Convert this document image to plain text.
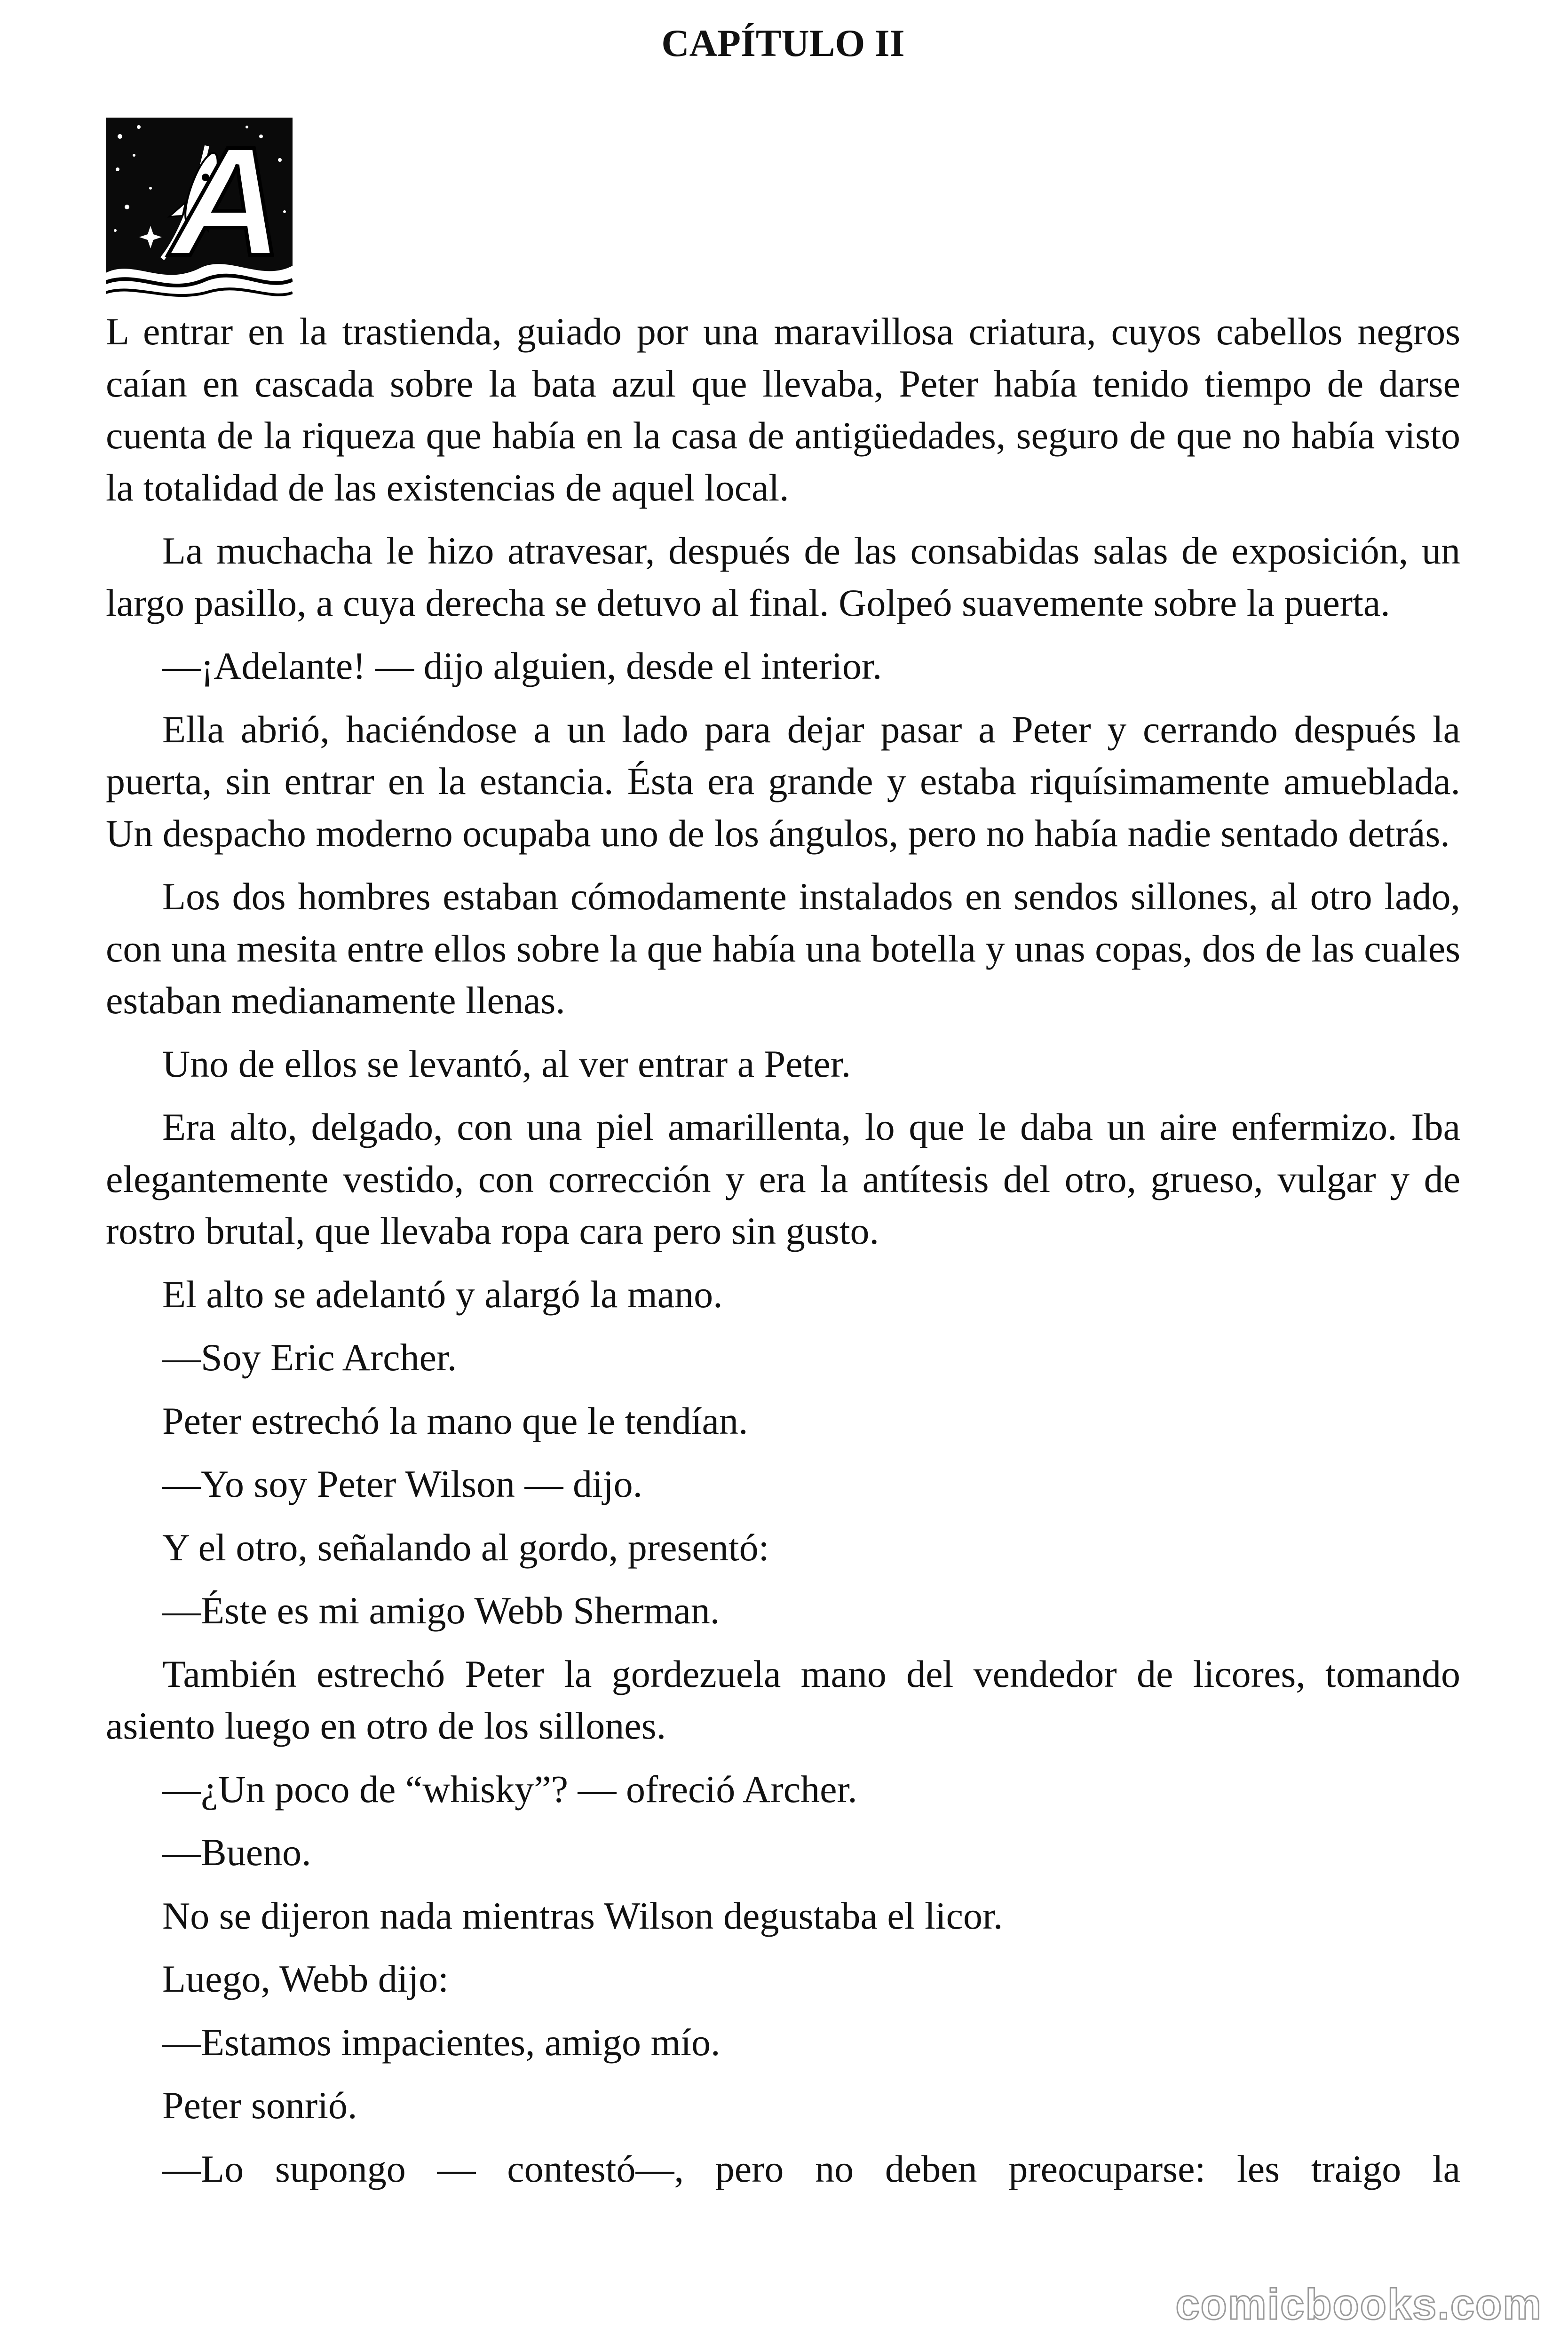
CAPÍTULO II
A

L entrar en la trastienda, guiado por una maravillosa criatura, cuyos cabellos negros caían en cascada sobre la bata azul que llevaba, Peter había tenido tiempo de darse cuenta de la riqueza que había en la casa de antigüedades, seguro de que no había visto la totalidad de las existencias de aquel local.

La muchacha le hizo atravesar, después de las consabidas salas de exposición, un largo pasillo, a cuya derecha se detuvo al final. Golpeó suavemente sobre la puerta.

—¡Adelante! — dijo alguien, desde el interior.

Ella abrió, haciéndose a un lado para dejar pasar a Peter y cerrando después la puerta, sin entrar en la estancia. Ésta era grande y estaba riquísimamente amueblada. Un despacho moderno ocupaba uno de los ángulos, pero no había nadie sentado detrás.

Los dos hombres estaban cómodamente instalados en sendos sillones, al otro lado, con una mesita entre ellos sobre la que había una botella y unas copas, dos de las cuales estaban medianamente llenas.

Uno de ellos se levantó, al ver entrar a Peter.

Era alto, delgado, con una piel amarillenta, lo que le daba un aire enfermizo. Iba elegantemente vestido, con corrección y era la antítesis del otro, grueso, vulgar y de rostro brutal, que llevaba ropa cara pero sin gusto.

El alto se adelantó y alargó la mano.

—Soy Eric Archer.

Peter estrechó la mano que le tendían.

—Yo soy Peter Wilson — dijo.

Y el otro, señalando al gordo, presentó:

—Éste es mi amigo Webb Sherman.

También estrechó Peter la gordezuela mano del vendedor de licores, tomando asiento luego en otro de los sillones.

—¿Un poco de “whisky”? — ofreció Archer.

—Bueno.

No se dijeron nada mientras Wilson degustaba el licor.

Luego, Webb dijo:

—Estamos impacientes, amigo mío.

Peter sonrió.

—Lo supongo — contestó—, pero no deben preocuparse: les traigo la

comicbooks.com
